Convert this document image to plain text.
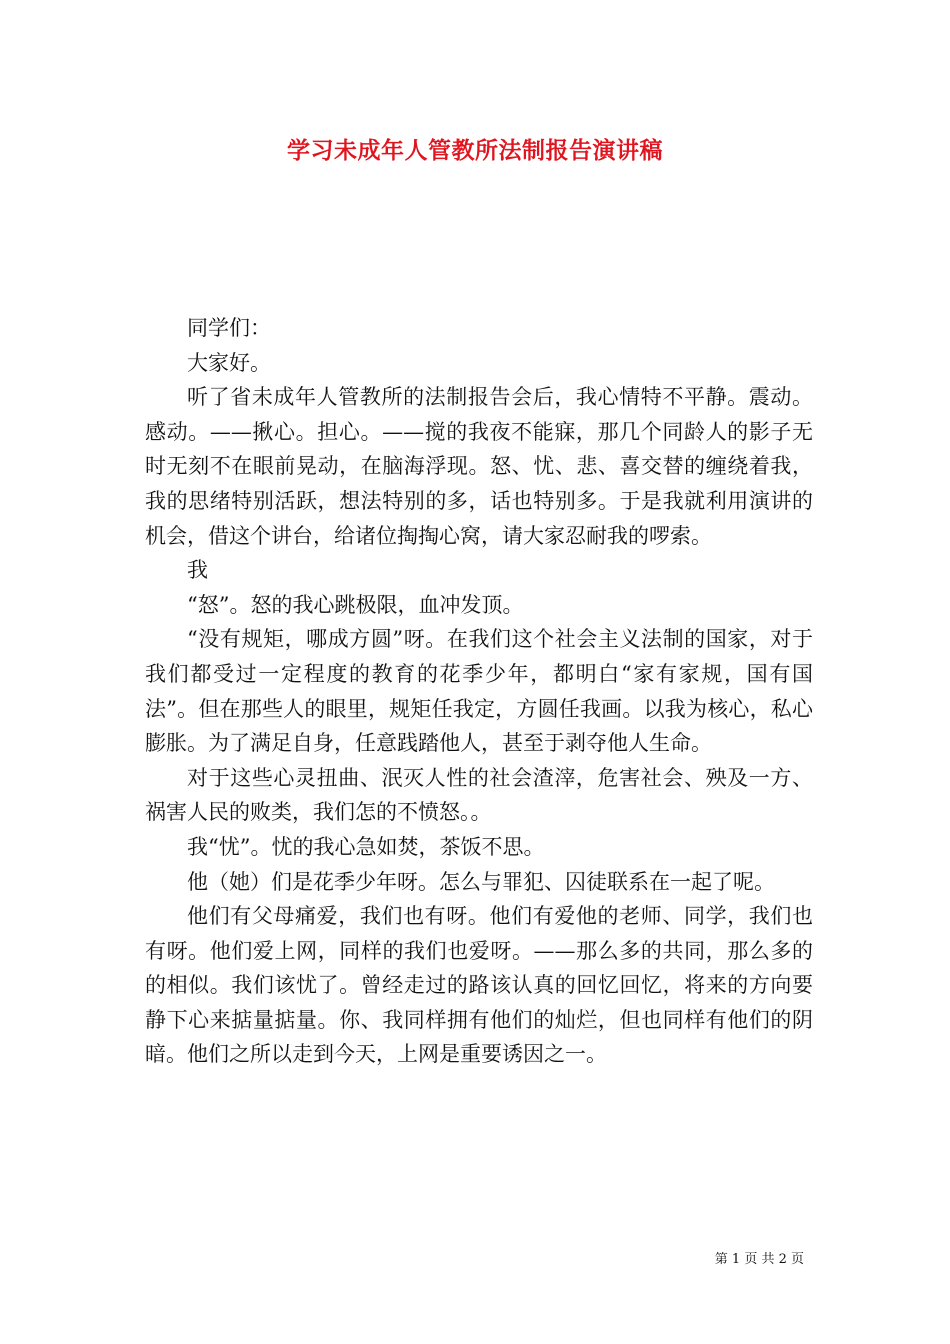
学习未成年人管教所法制报告演讲稿

同学们：

大家好。

听了省未成年人管教所的法制报告会后，我心情特不平静。震动。感动。——揪心。担心。——搅的我夜不能寐，那几个同龄人的影子无时无刻不在眼前晃动，在脑海浮现。怒、忧、悲、喜交替的缠绕着我，我的思绪特别活跃，想法特别的多，话也特别多。于是我就利用演讲的机会，借这个讲台，给诸位掏掏心窝，请大家忍耐我的啰索。

我

“怒”。怒的我心跳极限，血冲发顶。

“没有规矩，哪成方圆”呀。在我们这个社会主义法制的国家，对于我们都受过一定程度的教育的花季少年，都明白“家有家规，国有国法”。但在那些人的眼里，规矩任我定，方圆任我画。以我为核心，私心膨胀。为了满足自身，任意践踏他人，甚至于剥夺他人生命。

对于这些心灵扭曲、泯灭人性的社会渣滓，危害社会、殃及一方、祸害人民的败类，我们怎的不愤怒。。

我“忧”。忧的我心急如焚，茶饭不思。

他（她）们是花季少年呀。怎么与罪犯、囚徒联系在一起了呢。

他们有父母痛爱，我们也有呀。他们有爱他的老师、同学，我们也有呀。他们爱上网，同样的我们也爱呀。——那么多的共同，那么多的的相似。我们该忧了。曾经走过的路该认真的回忆回忆，将来的方向要静下心来掂量掂量。你、我同样拥有他们的灿烂，但也同样有他们的阴暗。他们之所以走到今天，上网是重要诱因之一。

第 1 页 共 2 页
